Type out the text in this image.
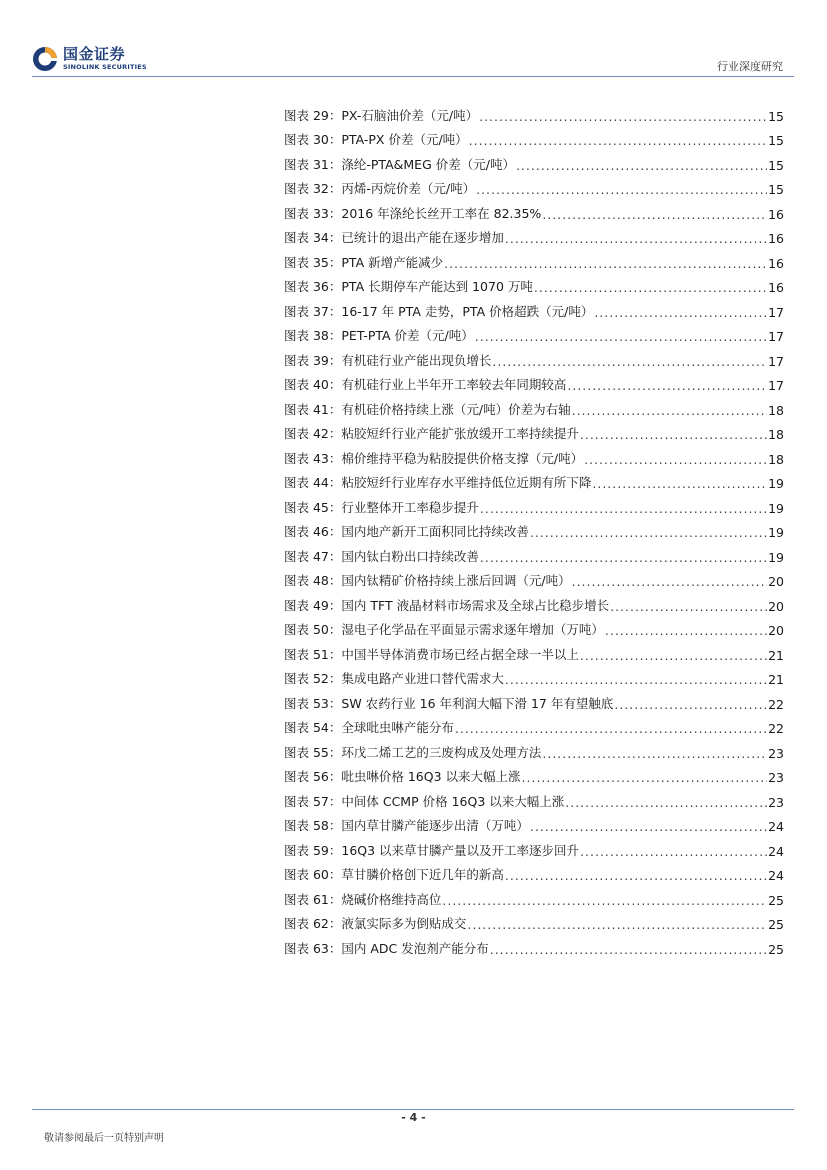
国金证券
SINOLINK SECURITIES	行业深度研究
图表 29：PX-石脑油价差（元/吨） .....	15
图表 30：PTA-PX 价差（元/吨） .....	15
图表 31：涤纶-PTA&MEG 价差（元/吨） .....	15
图表 32：丙烯-丙烷价差（元/吨） .....	15
图表 33：2016 年涤纶长丝开工率在 82.35% .....	16
图表 34：已统计的退出产能在逐步增加 .....	16
图表 35：PTA 新增产能减少 .....	16
图表 36：PTA 长期停车产能达到 1070 万吨 .....	16
图表 37：16-17 年 PTA 走势，PTA 价格超跌（元/吨） .....	17
图表 38：PET-PTA 价差（元/吨） .....	17
图表 39：有机硅行业产能出现负增长 .....	17
图表 40：有机硅行业上半年开工率较去年同期较高 .....	17
图表 41：有机硅价格持续上涨（元/吨）价差为右轴 .....	18
图表 42：粘胶短纤行业产能扩张放缓开工率持续提升 .....	18
图表 43：棉价维持平稳为粘胶提供价格支撑（元/吨） .....	18
图表 44：粘胶短纤行业库存水平维持低位近期有所下降 .....	19
图表 45：行业整体开工率稳步提升 .....	19
图表 46：国内地产新开工面积同比持续改善 .....	19
图表 47：国内钛白粉出口持续改善 .....	19
图表 48：国内钛精矿价格持续上涨后回调（元/吨） .....	20
图表 49：国内 TFT 液晶材料市场需求及全球占比稳步增长 .....	20
图表 50：湿电子化学品在平面显示需求逐年增加（万吨） .....	20
图表 51：中国半导体消费市场已经占据全球一半以上 .....	21
图表 52：集成电路产业进口替代需求大 .....	21
图表 53：SW 农药行业 16 年利润大幅下滑 17 年有望触底 .....	22
图表 54：全球吡虫啉产能分布 .....	22
图表 55：环戊二烯工艺的三废构成及处理方法 .....	23
图表 56：吡虫啉价格 16Q3 以来大幅上涨 .....	23
图表 57：中间体 CCMP 价格 16Q3 以来大幅上涨 .....	23
图表 58：国内草甘膦产能逐步出清（万吨） .....	24
图表 59：16Q3 以来草甘膦产量以及开工率逐步回升 .....	24
图表 60：草甘膦价格创下近几年的新高 .....	24
图表 61：烧碱价格维持高位 .....	25
图表 62：液氯实际多为倒贴成交 .....	25
图表 63：国内 ADC 发泡剂产能分布 .....	25
- 4 -
敬请参阅最后一页特别声明
